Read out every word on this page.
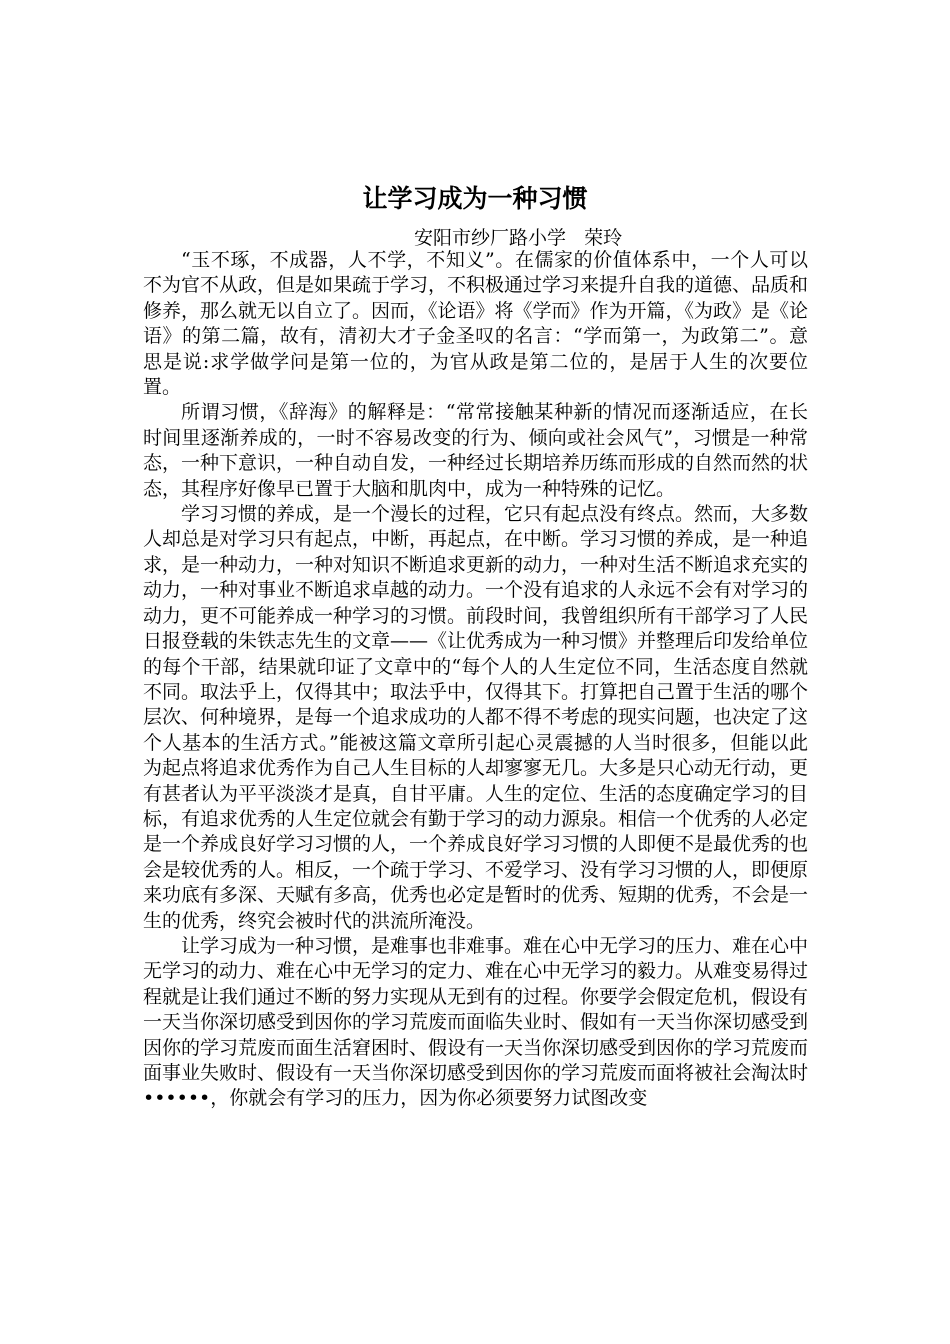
让学习成为一种习惯
安阳市纱厂路小学   荣玲

“玉不琢，不成器，人不学，不知义”。在儒家的价值体系中，一个人可以不为官不从政，但是如果疏于学习，不积极通过学习来提升自我的道德、品质和修养，那么就无以自立了。因而，《论语》将《学而》作为开篇，《为政》是《论语》的第二篇，故有，清初大才子金圣叹的名言：“学而第一，为政第二”。意思是说:求学做学问是第一位的，为官从政是第二位的，是居于人生的次要位置。

所谓习惯，《辞海》的解释是：“常常接触某种新的情况而逐渐适应，在长时间里逐渐养成的，一时不容易改变的行为、倾向或社会风气”，习惯是一种常态，一种下意识，一种自动自发，一种经过长期培养历练而形成的自然而然的状态，其程序好像早已置于大脑和肌肉中，成为一种特殊的记忆。

学习习惯的养成，是一个漫长的过程，它只有起点没有终点。然而，大多数人却总是对学习只有起点，中断，再起点，在中断。学习习惯的养成，是一种追求，是一种动力，一种对知识不断追求更新的动力，一种对生活不断追求充实的动力，一种对事业不断追求卓越的动力。一个没有追求的人永远不会有对学习的动力，更不可能养成一种学习的习惯。前段时间，我曾组织所有干部学习了人民日报登载的朱铁志先生的文章——《让优秀成为一种习惯》并整理后印发给单位的每个干部，结果就印证了文章中的“每个人的人生定位不同，生活态度自然就不同。取法乎上，仅得其中；取法乎中，仅得其下。打算把自己置于生活的哪个层次、何种境界，是每一个追求成功的人都不得不考虑的现实问题，也决定了这个人基本的生活方式。”能被这篇文章所引起心灵震撼的人当时很多，但能以此为起点将追求优秀作为自己人生目标的人却寥寥无几。大多是只心动无行动，更有甚者认为平平淡淡才是真，自甘平庸。人生的定位、生活的态度确定学习的目标，有追求优秀的人生定位就会有勤于学习的动力源泉。相信一个优秀的人必定是一个养成良好学习习惯的人，一个养成良好学习习惯的人即便不是最优秀的也会是较优秀的人。相反，一个疏于学习、不爱学习、没有学习习惯的人，即便原来功底有多深、天赋有多高，优秀也必定是暂时的优秀、短期的优秀，不会是一生的优秀，终究会被时代的洪流所淹没。

让学习成为一种习惯，是难事也非难事。难在心中无学习的压力、难在心中无学习的动力、难在心中无学习的定力、难在心中无学习的毅力。从难变易得过程就是让我们通过不断的努力实现从无到有的过程。你要学会假定危机，假设有一天当你深切感受到因你的学习荒废而面临失业时、假如有一天当你深切感受到因你的学习荒废而面生活窘困时、假设有一天当你深切感受到因你的学习荒废而面事业失败时、假设有一天当你深切感受到因你的学习荒废而面将被社会淘汰时••••••，你就会有学习的压力，因为你必须要努力试图改变
